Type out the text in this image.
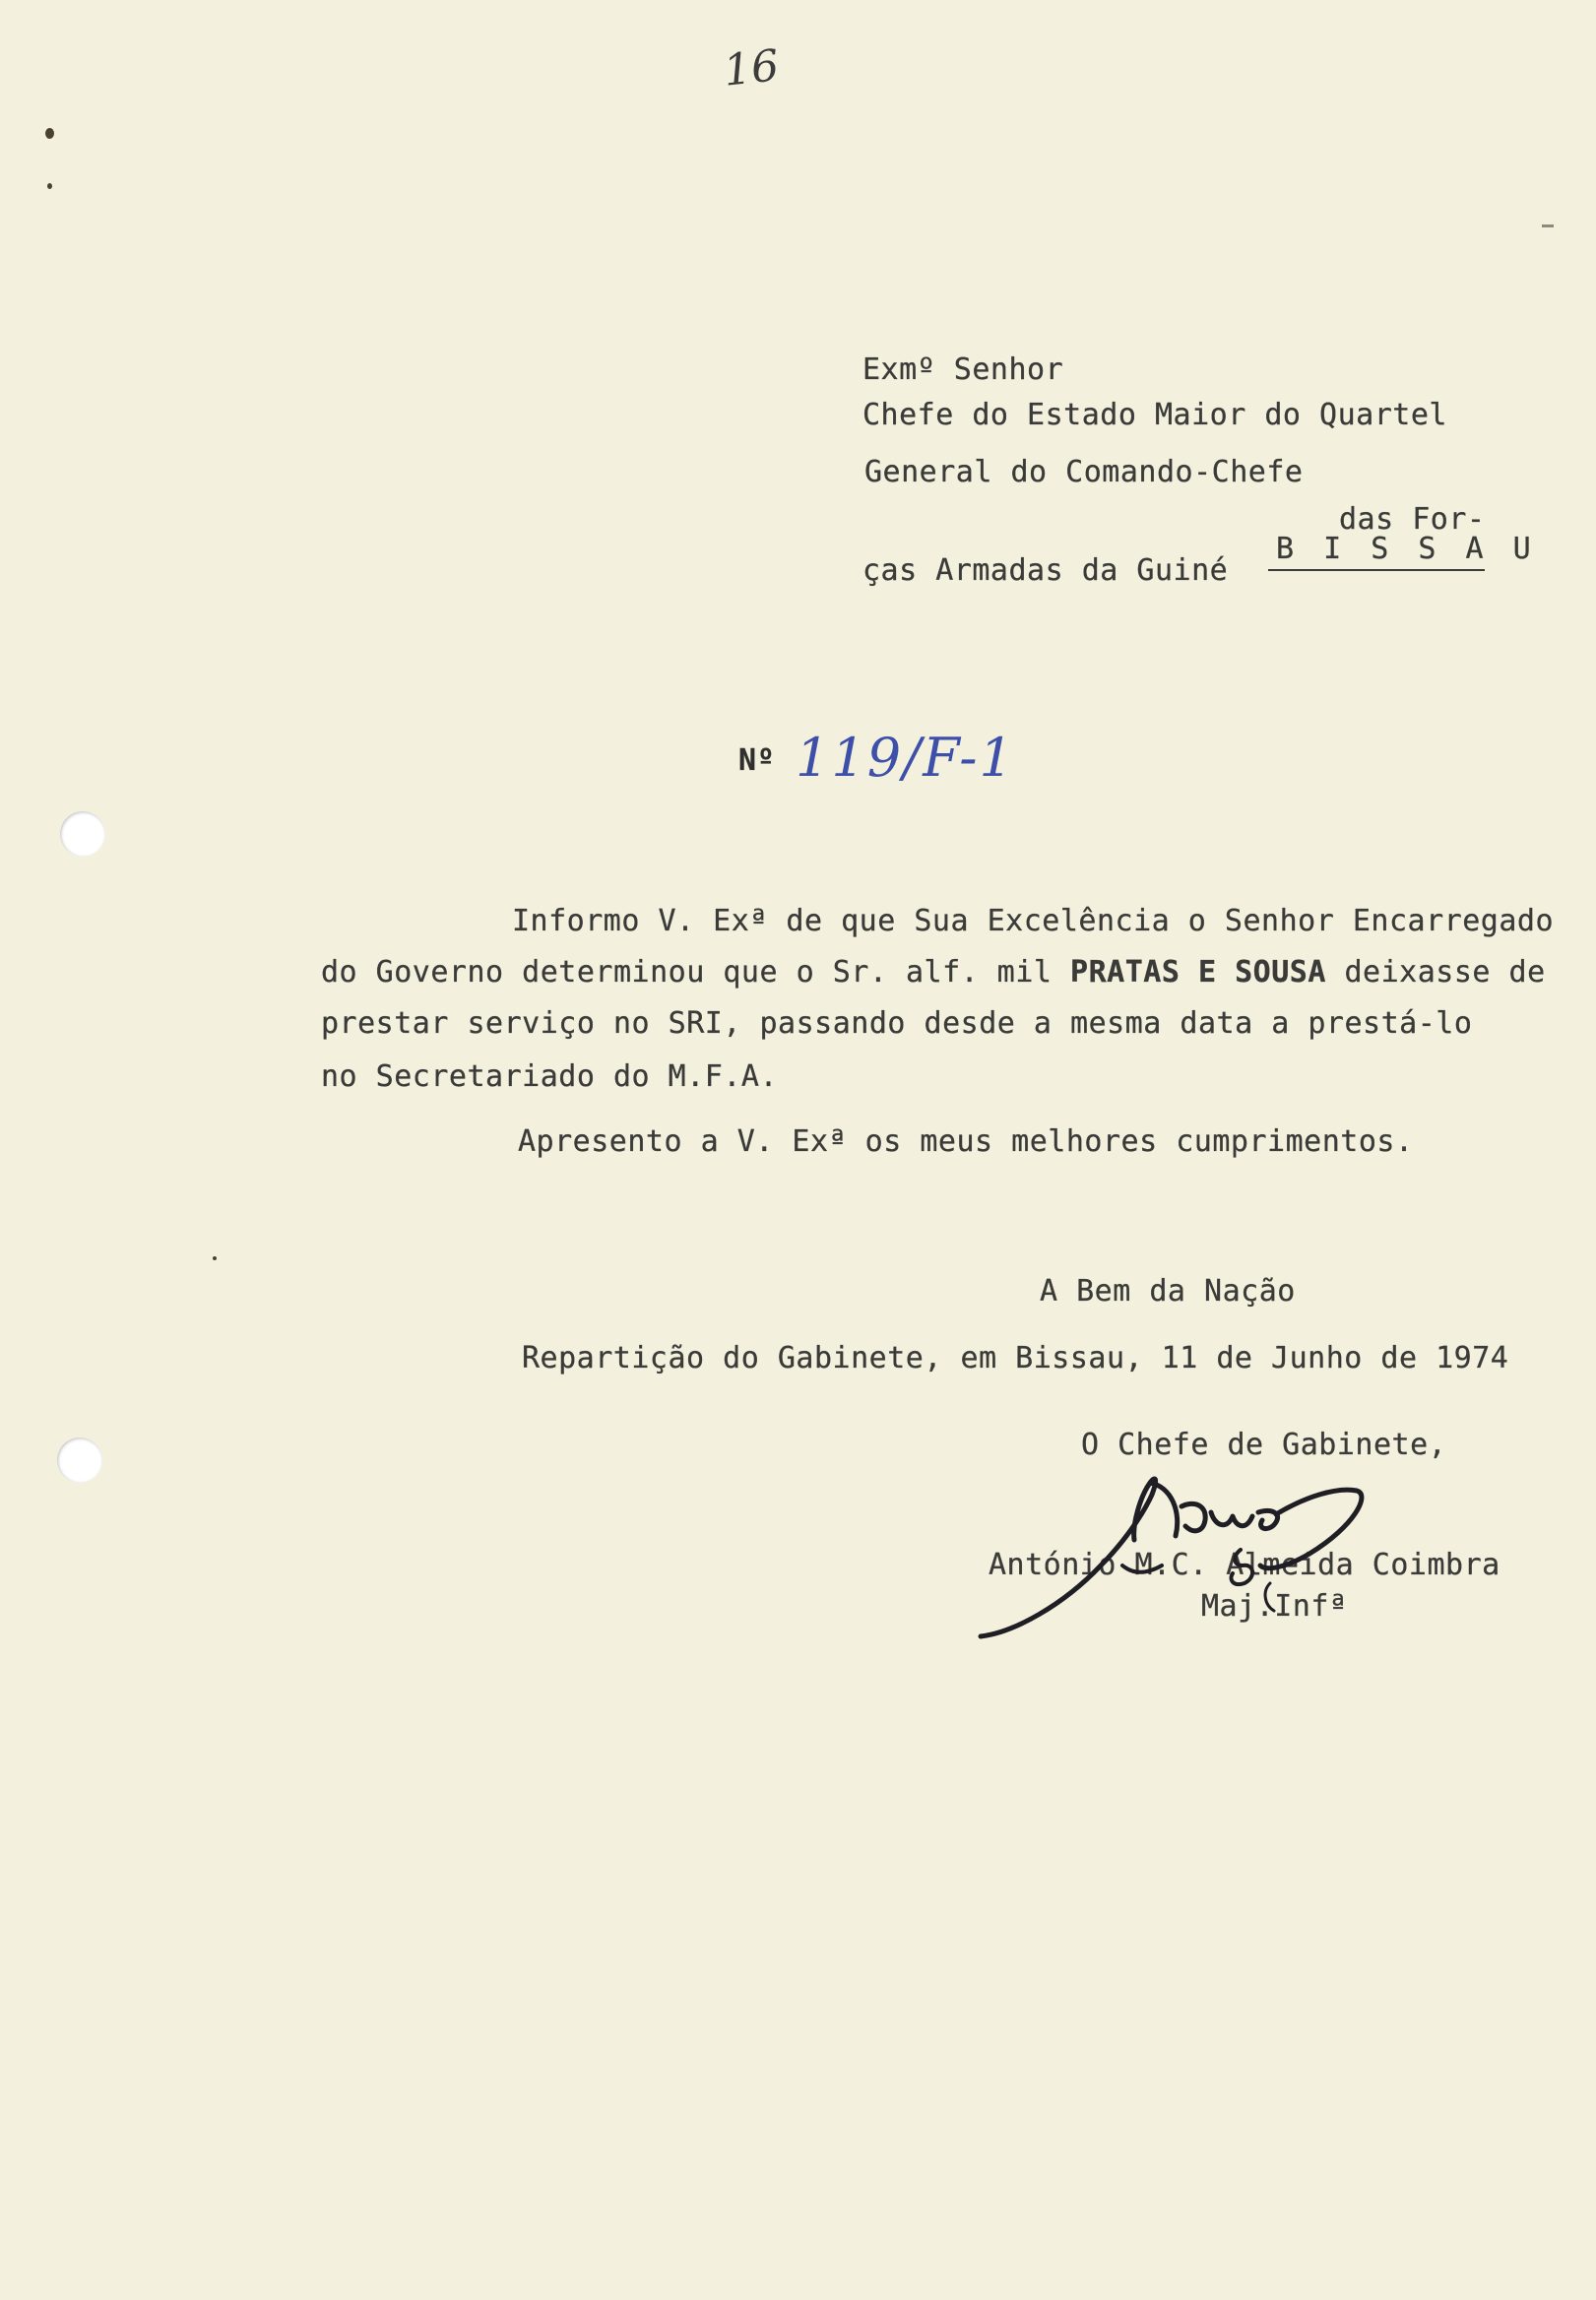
16
Exmº Senhor
Chefe do Estado Maior do Quartel
General do Comando-Chefe
das For-
ças Armadas da Guiné
B I S S A U
Nº 119/F-1
Informo V. Exª de que Sua Excelência o Senhor Encarregado
do Governo determinou que o Sr. alf. mil PRATAS E SOUSA deixasse de
prestar serviço no SRI, passando desde a mesma data a prestá-lo
no Secretariado do M.F.A.
Apresento a V. Exª os meus melhores cumprimentos.
A Bem da Nação
Repartição do Gabinete, em Bissau, 11 de Junho de 1974
O Chefe de Gabinete,
António M.C. Almeida Coimbra
Maj.Infª
